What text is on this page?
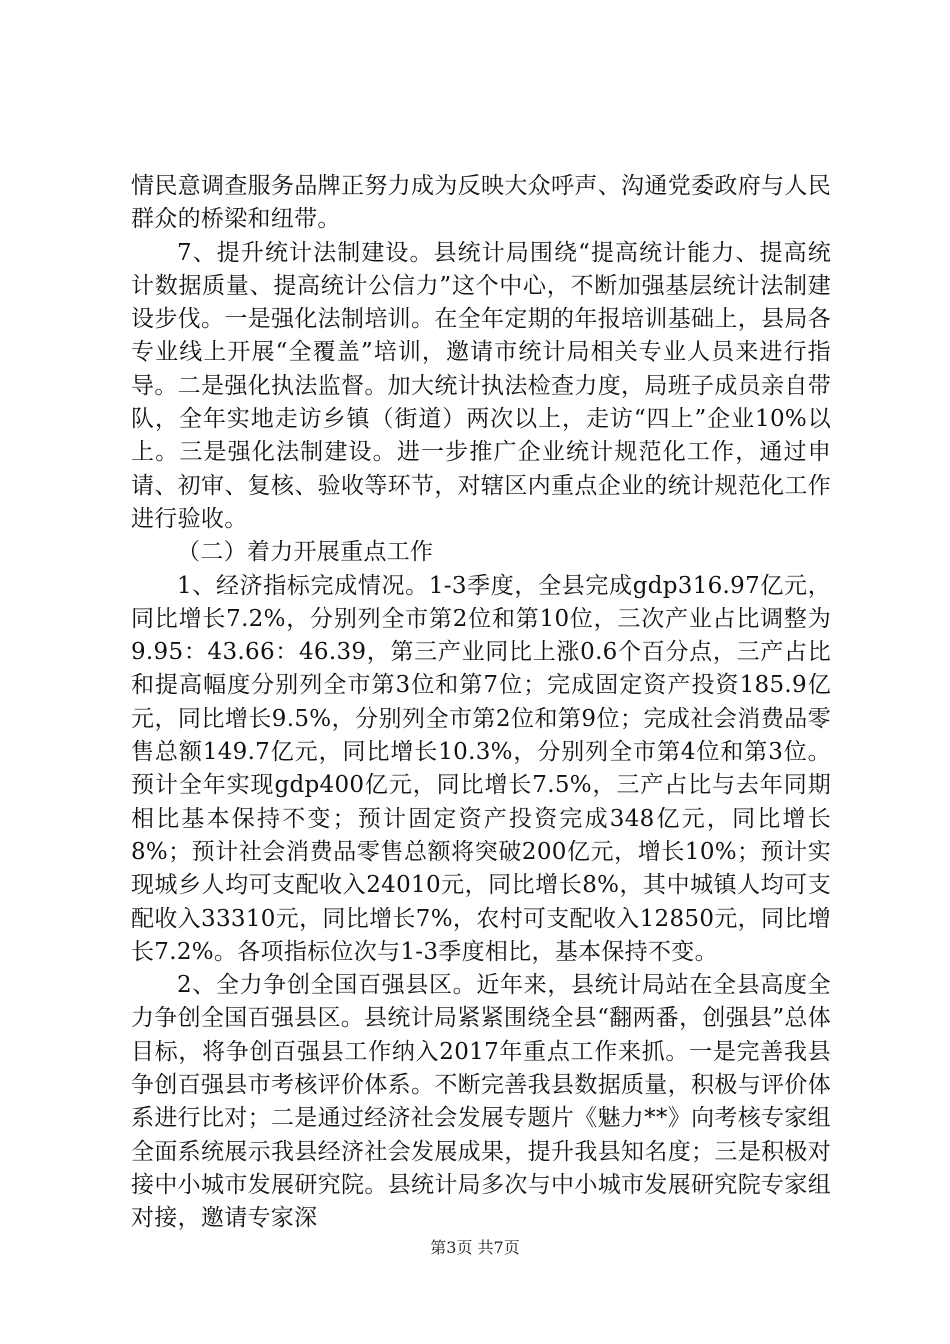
情民意调查服务品牌正努力成为反映大众呼声、沟通党委政府与人民群众的桥梁和纽带。

7、提升统计法制建设。县统计局围绕“提高统计能力、提高统计数据质量、提高统计公信力”这个中心，不断加强基层统计法制建设步伐。一是强化法制培训。在全年定期的年报培训基础上，县局各专业线上开展“全覆盖”培训，邀请市统计局相关专业人员来进行指导。二是强化执法监督。加大统计执法检查力度，局班子成员亲自带队，全年实地走访乡镇（街道）两次以上，走访“四上”企业10%以上。三是强化法制建设。进一步推广企业统计规范化工作，通过申请、初审、复核、验收等环节，对辖区内重点企业的统计规范化工作进行验收。

（二）着力开展重点工作

1、经济指标完成情况。1-3季度，全县完成gdp316.97亿元，同比增长7.2%，分别列全市第2位和第10位，三次产业占比调整为9.95：43.66：46.39，第三产业同比上涨0.6个百分点，三产占比和提高幅度分别列全市第3位和第7位；完成固定资产投资185.9亿元，同比增长9.5%，分别列全市第2位和第9位；完成社会消费品零售总额149.7亿元，同比增长10.3%，分别列全市第4位和第3位。预计全年实现gdp400亿元，同比增长7.5%，三产占比与去年同期相比基本保持不变；预计固定资产投资完成348亿元，同比增长8%；预计社会消费品零售总额将突破200亿元，增长10%；预计实现城乡人均可支配收入24010元，同比增长8%，其中城镇人均可支配收入33310元，同比增长7%，农村可支配收入12850元，同比增长7.2%。各项指标位次与1-3季度相比，基本保持不变。

2、全力争创全国百强县区。近年来，县统计局站在全县高度全力争创全国百强县区。县统计局紧紧围绕全县“翻两番，创强县”总体目标，将争创百强县工作纳入2017年重点工作来抓。一是完善我县争创百强县市考核评价体系。不断完善我县数据质量，积极与评价体系进行比对；二是通过经济社会发展专题片《魅力**》向考核专家组全面系统展示我县经济社会发展成果，提升我县知名度；三是积极对接中小城市发展研究院。县统计局多次与中小城市发展研究院专家组对接，邀请专家深

第3页 共7页
